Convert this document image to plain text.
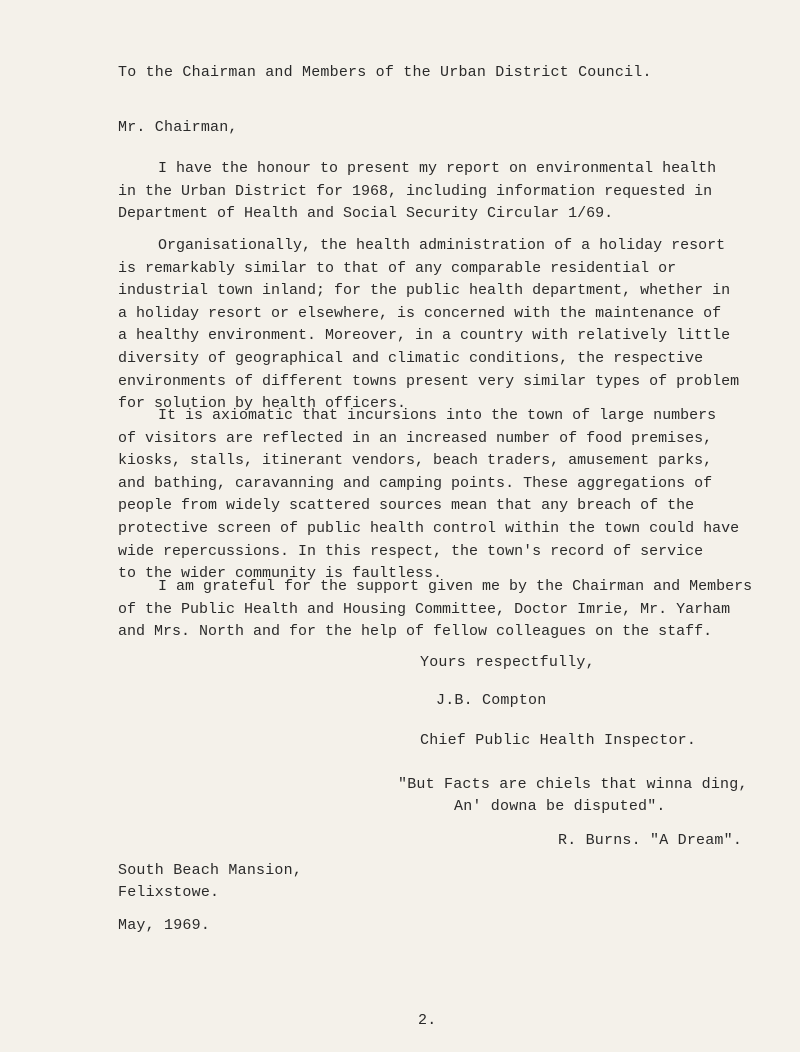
To the Chairman and Members of the Urban District Council.
Mr. Chairman,
I have the honour to present my report on environmental health
in the Urban District for 1968, including information requested in
Department of Health and Social Security Circular 1/69.
Organisationally, the health administration of a holiday resort
is remarkably similar to that of any comparable residential or
industrial town inland; for the public health department, whether in
a holiday resort or elsewhere, is concerned with the maintenance of
a healthy environment. Moreover, in a country with relatively little
diversity of geographical and climatic conditions, the respective
environments of different towns present very similar types of problem
for solution by health officers.
It is axiomatic that incursions into the town of large numbers
of visitors are reflected in an increased number of food premises,
kiosks, stalls, itinerant vendors, beach traders, amusement parks,
and bathing, caravanning and camping points. These aggregations of
people from widely scattered sources mean that any breach of the
protective screen of public health control within the town could have
wide repercussions. In this respect, the town's record of service
to the wider community is faultless.
I am grateful for the support given me by the Chairman and Members
of the Public Health and Housing Committee, Doctor Imrie, Mr. Yarham
and Mrs. North and for the help of fellow colleagues on the staff.
Yours respectfully,
J.B. Compton
Chief Public Health Inspector.
"But Facts are chiels that winna ding,
An' downa be disputed".
R. Burns. "A Dream".
South Beach Mansion,
Felixstowe.
May, 1969.
2.
